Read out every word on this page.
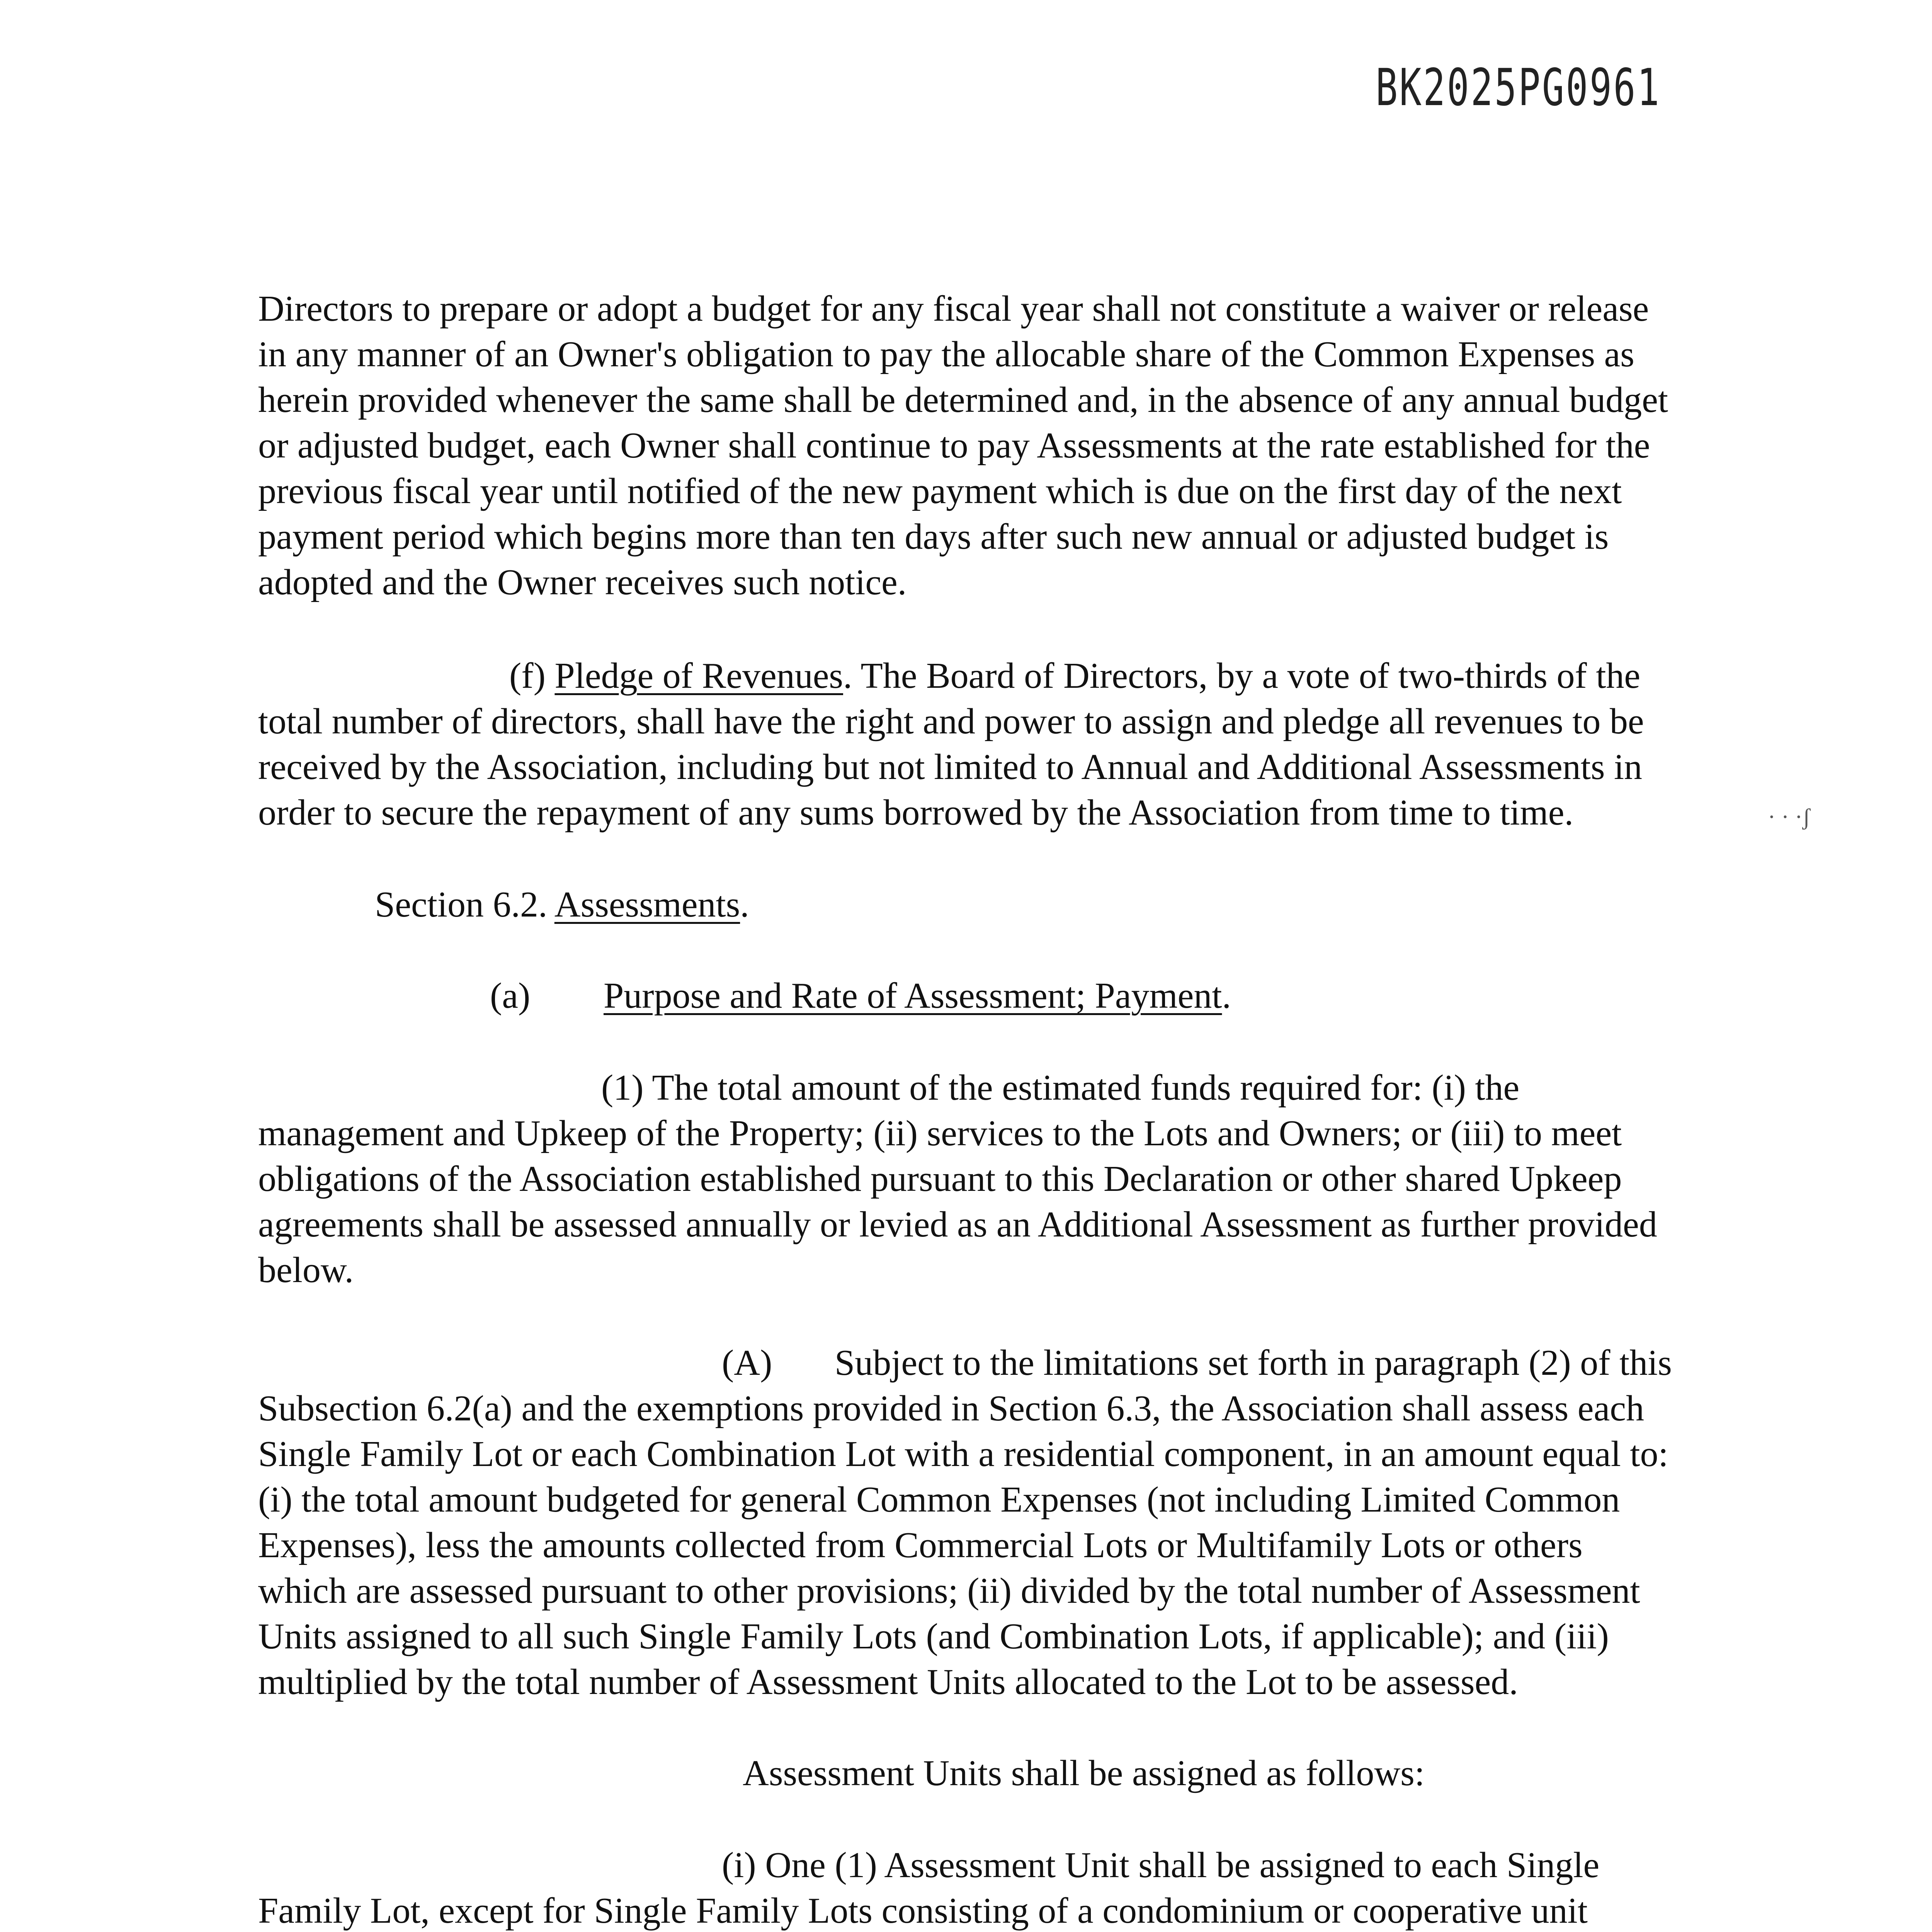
BK2025PG0961
Directors to prepare or adopt a budget for any fiscal year shall not constitute a waiver or release
in any manner of an Owner's obligation to pay the allocable share of the Common Expenses as
herein provided whenever the same shall be determined and, in the absence of any annual budget
or adjusted budget, each Owner shall continue to pay Assessments at the rate established for the
previous fiscal year until notified of the new payment which is due on the first day of the next
payment period which begins more than ten days after such new annual or adjusted budget is
adopted and the Owner receives such notice.
(f) Pledge of Revenues. The Board of Directors, by a vote of two-thirds of the
total number of directors, shall have the right and power to assign and pledge all revenues to be
received by the Association, including but not limited to Annual and Additional Assessments in
order to secure the repayment of any sums borrowed by the Association from time to time.	· · ·ʃ
Section 6.2. Assessments.
(a)	Purpose and Rate of Assessment; Payment.
(1) The total amount of the estimated funds required for: (i) the
management and Upkeep of the Property; (ii) services to the Lots and Owners; or (iii) to meet
obligations of the Association established pursuant to this Declaration or other shared Upkeep
agreements shall be assessed annually or levied as an Additional Assessment as further provided
below.
(A)	Subject to the limitations set forth in paragraph (2) of this
Subsection 6.2(a) and the exemptions provided in Section 6.3, the Association shall assess each
Single Family Lot or each Combination Lot with a residential component, in an amount equal to:
(i) the total amount budgeted for general Common Expenses (not including Limited Common
Expenses), less the amounts collected from Commercial Lots or Multifamily Lots or others
which are assessed pursuant to other provisions; (ii) divided by the total number of Assessment
Units assigned to all such Single Family Lots (and Combination Lots, if applicable); and (iii)
multiplied by the total number of Assessment Units allocated to the Lot to be assessed.
Assessment Units shall be assigned as follows:
(i) One (1) Assessment Unit shall be assigned to each Single
Family Lot, except for Single Family Lots consisting of a condominium or cooperative unit
